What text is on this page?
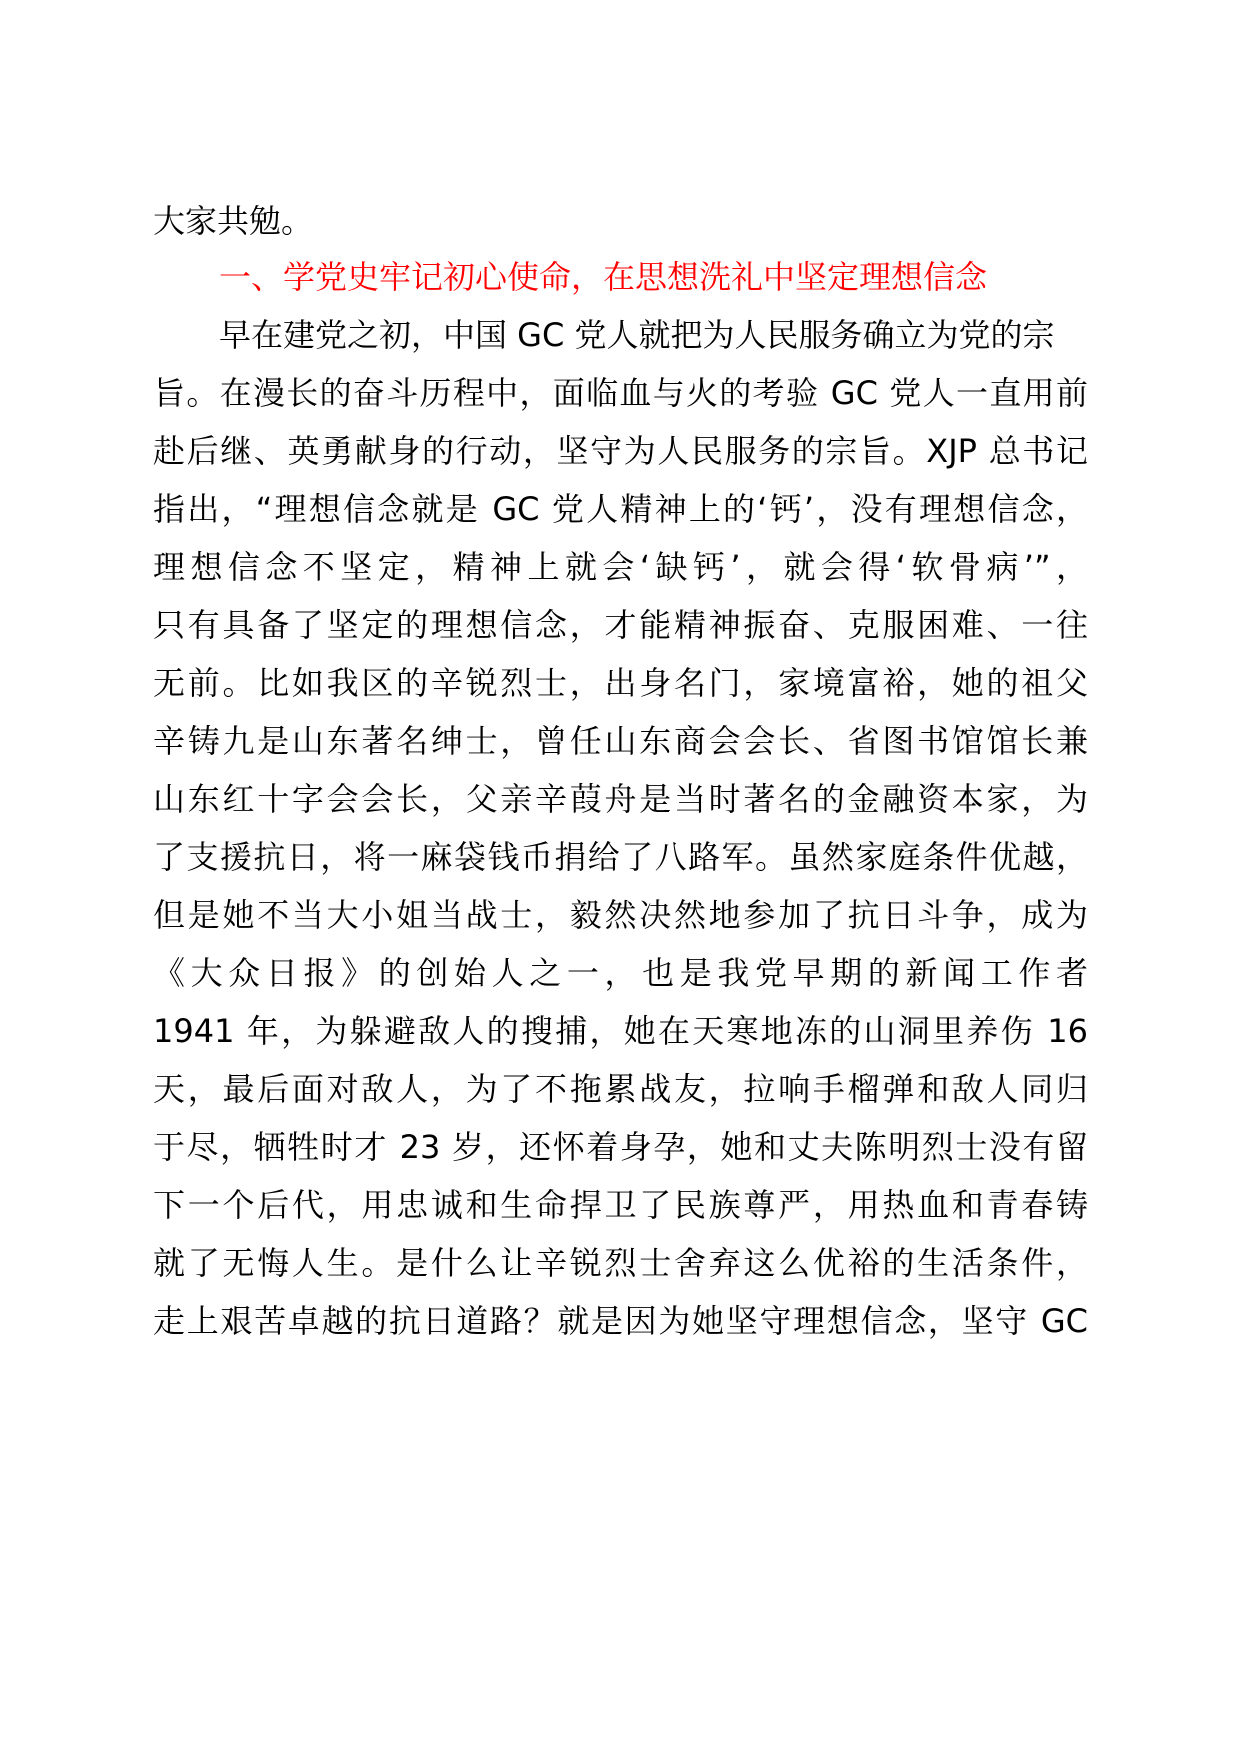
大家共勉。
一、学党史牢记初心使命，在思想洗礼中坚定理想信念
早在建党之初，中国 GC 党人就把为人民服务确立为党的宗
旨。在漫长的奋斗历程中，面临血与火的考验 GC 党人一直用前
赴后继、英勇献身的行动，坚守为人民服务的宗旨。XJP 总书记
指出，“理想信念就是 GC 党人精神上的‘钙’，没有理想信念，
理想信念不坚定，精神上就会‘缺钙’，就会得‘软骨病’”，
只有具备了坚定的理想信念，才能精神振奋、克服困难、一往
无前。比如我区的辛锐烈士，出身名门，家境富裕，她的祖父
辛铸九是山东著名绅士，曾任山东商会会长、省图书馆馆长兼
山东红十字会会长，父亲辛葭舟是当时著名的金融资本家，为
了支援抗日，将一麻袋钱币捐给了八路军。虽然家庭条件优越，
但是她不当大小姐当战士，毅然决然地参加了抗日斗争，成为
《大众日报》的创始人之一，也是我党早期的新闻工作者
1941 年，为躲避敌人的搜捕，她在天寒地冻的山洞里养伤 16
天，最后面对敌人，为了不拖累战友，拉响手榴弹和敌人同归
于尽，牺牲时才 23 岁，还怀着身孕，她和丈夫陈明烈士没有留
下一个后代，用忠诚和生命捍卫了民族尊严，用热血和青春铸
就了无悔人生。是什么让辛锐烈士舍弃这么优裕的生活条件，
走上艰苦卓越的抗日道路？就是因为她坚守理想信念，坚守 GC
